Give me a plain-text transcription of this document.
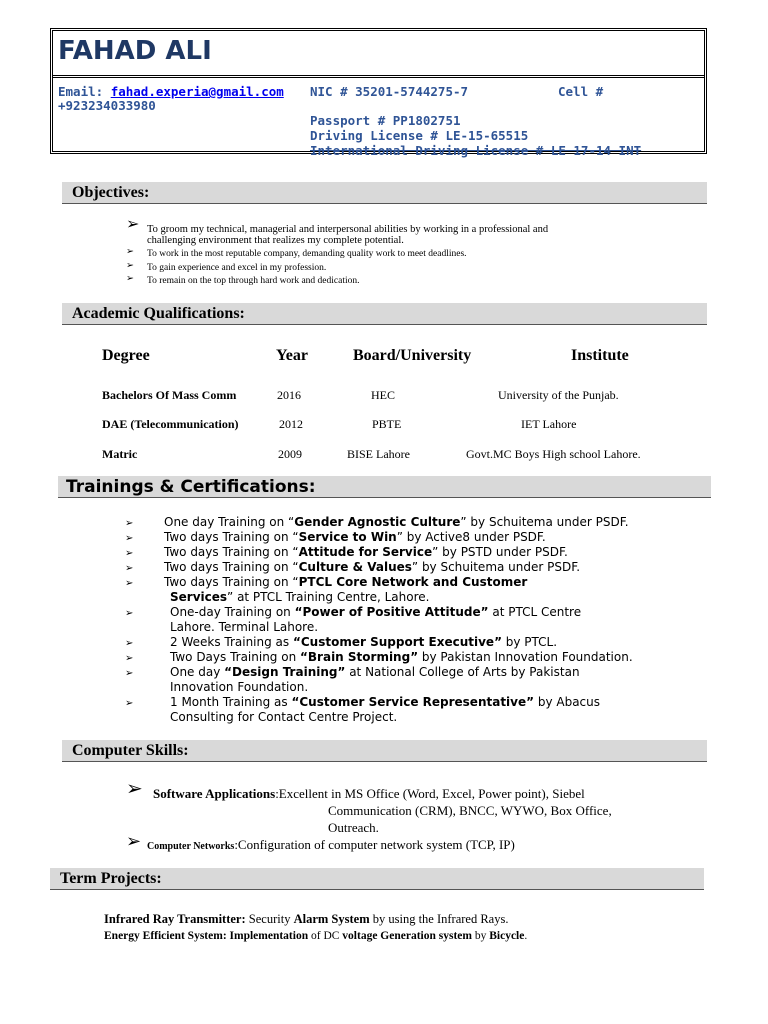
FAHAD ALI
Email: fahad.experia@gmail.com NIC # 35201-5744275-7	Cell #
+923234033980
Passport # PP1802751
Driving License # LE-15-65515
International Driving License # LE 17-14 INT
Objectives:
➢ To groom my technical, managerial and interpersonal abilities by working in a professional and
challenging environment that realizes my complete potential.
➢ To work in the most reputable company, demanding quality work to meet deadlines.
➢ To gain experience and excel in my profession.
➢ To remain on the top through hard work and dedication.
Academic Qualifications:
Degree	Year	Board/University	Institute
Bachelors Of Mass Comm	2016	HEC	University of the Punjab.
DAE (Telecommunication)	2012	PBTE	IET Lahore
Matric	2009	BISE Lahore	Govt.MC Boys High school Lahore.
Trainings & Certifications:
➢	One day Training on “Gender Agnostic Culture” by Schuitema under PSDF.
➢	Two days Training on “Service to Win” by Active8 under PSDF.
➢	Two days Training on “Attitude for Service” by PSTD under PSDF.
➢	Two days Training on “Culture & Values” by Schuitema under PSDF.
➢	Two days Training on “PTCL Core Network and Customer
Services” at PTCL Training Centre, Lahore.
➢	One-day Training on “Power of Positive Attitude” at PTCL Centre
Lahore. Terminal Lahore.
➢	2 Weeks Training as “Customer Support Executive” by PTCL.
➢	Two Days Training on “Brain Storming” by Pakistan Innovation Foundation.
➢	One day “Design Training” at National College of Arts by Pakistan
Innovation Foundation.
➢	1 Month Training as “Customer Service Representative” by Abacus
Consulting for Contact Centre Project.
Computer Skills:
➢ Software Applications:Excellent in MS Office (Word, Excel, Power point), Siebel
Communication (CRM), BNCC, WYWO, Box Office,
Outreach.
➢ Computer Networks:Configuration of computer network system (TCP, IP)
Term Projects:
Infrared Ray Transmitter: Security Alarm System by using the Infrared Rays.
Energy Efficient System: Implementation of DC voltage Generation system by Bicycle.
